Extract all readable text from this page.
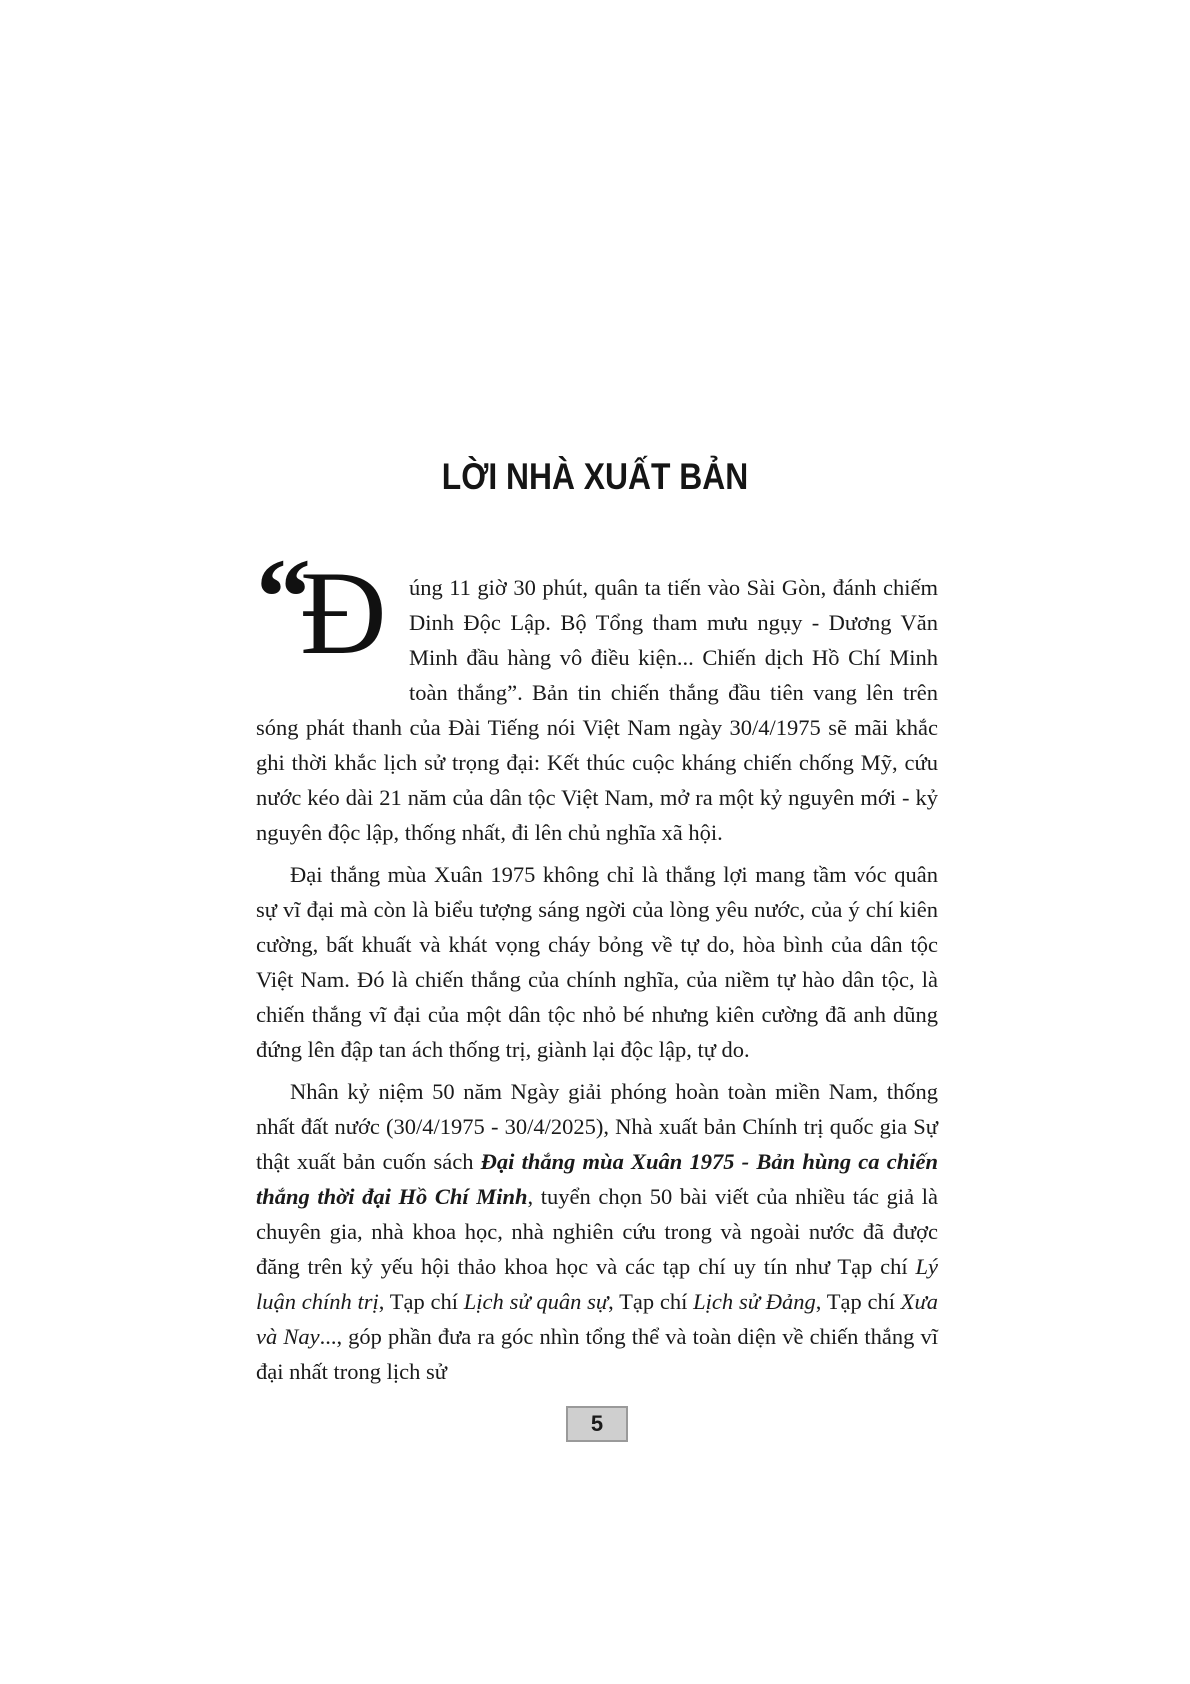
LỜI NHÀ XUẤT BẢN

“
Đ úng 11 giờ 30 phút, quân ta tiến vào Sài Gòn, đánh chiếm Dinh Độc Lập. Bộ Tổng tham mưu ngụy - Dương Văn Minh đầu hàng vô điều kiện... Chiến dịch Hồ Chí Minh toàn thắng”. Bản tin chiến thắng đầu tiên vang lên trên sóng phát thanh của Đài Tiếng nói Việt Nam ngày 30/4/1975 sẽ mãi khắc ghi thời khắc lịch sử trọng đại: Kết thúc cuộc kháng chiến chống Mỹ, cứu nước kéo dài 21 năm của dân tộc Việt Nam, mở ra một kỷ nguyên mới - kỷ nguyên độc lập, thống nhất, đi lên chủ nghĩa xã hội.

Đại thắng mùa Xuân 1975 không chỉ là thắng lợi mang tầm vóc quân sự vĩ đại mà còn là biểu tượng sáng ngời của lòng yêu nước, của ý chí kiên cường, bất khuất và khát vọng cháy bỏng về tự do, hòa bình của dân tộc Việt Nam. Đó là chiến thắng của chính nghĩa, của niềm tự hào dân tộc, là chiến thắng vĩ đại của một dân tộc nhỏ bé nhưng kiên cường đã anh dũng đứng lên đập tan ách thống trị, giành lại độc lập, tự do.

Nhân kỷ niệm 50 năm Ngày giải phóng hoàn toàn miền Nam, thống nhất đất nước (30/4/1975 - 30/4/2025), Nhà xuất bản Chính trị quốc gia Sự thật xuất bản cuốn sách Đại thắng mùa Xuân 1975 - Bản hùng ca chiến thắng thời đại Hồ Chí Minh, tuyển chọn 50 bài viết của nhiều tác giả là chuyên gia, nhà khoa học, nhà nghiên cứu trong và ngoài nước đã được đăng trên kỷ yếu hội thảo khoa học và các tạp chí uy tín như Tạp chí Lý luận chính trị, Tạp chí Lịch sử quân sự, Tạp chí Lịch sử Đảng, Tạp chí Xưa và Nay..., góp phần đưa ra góc nhìn tổng thể và toàn diện về chiến thắng vĩ đại nhất trong lịch sử

5
